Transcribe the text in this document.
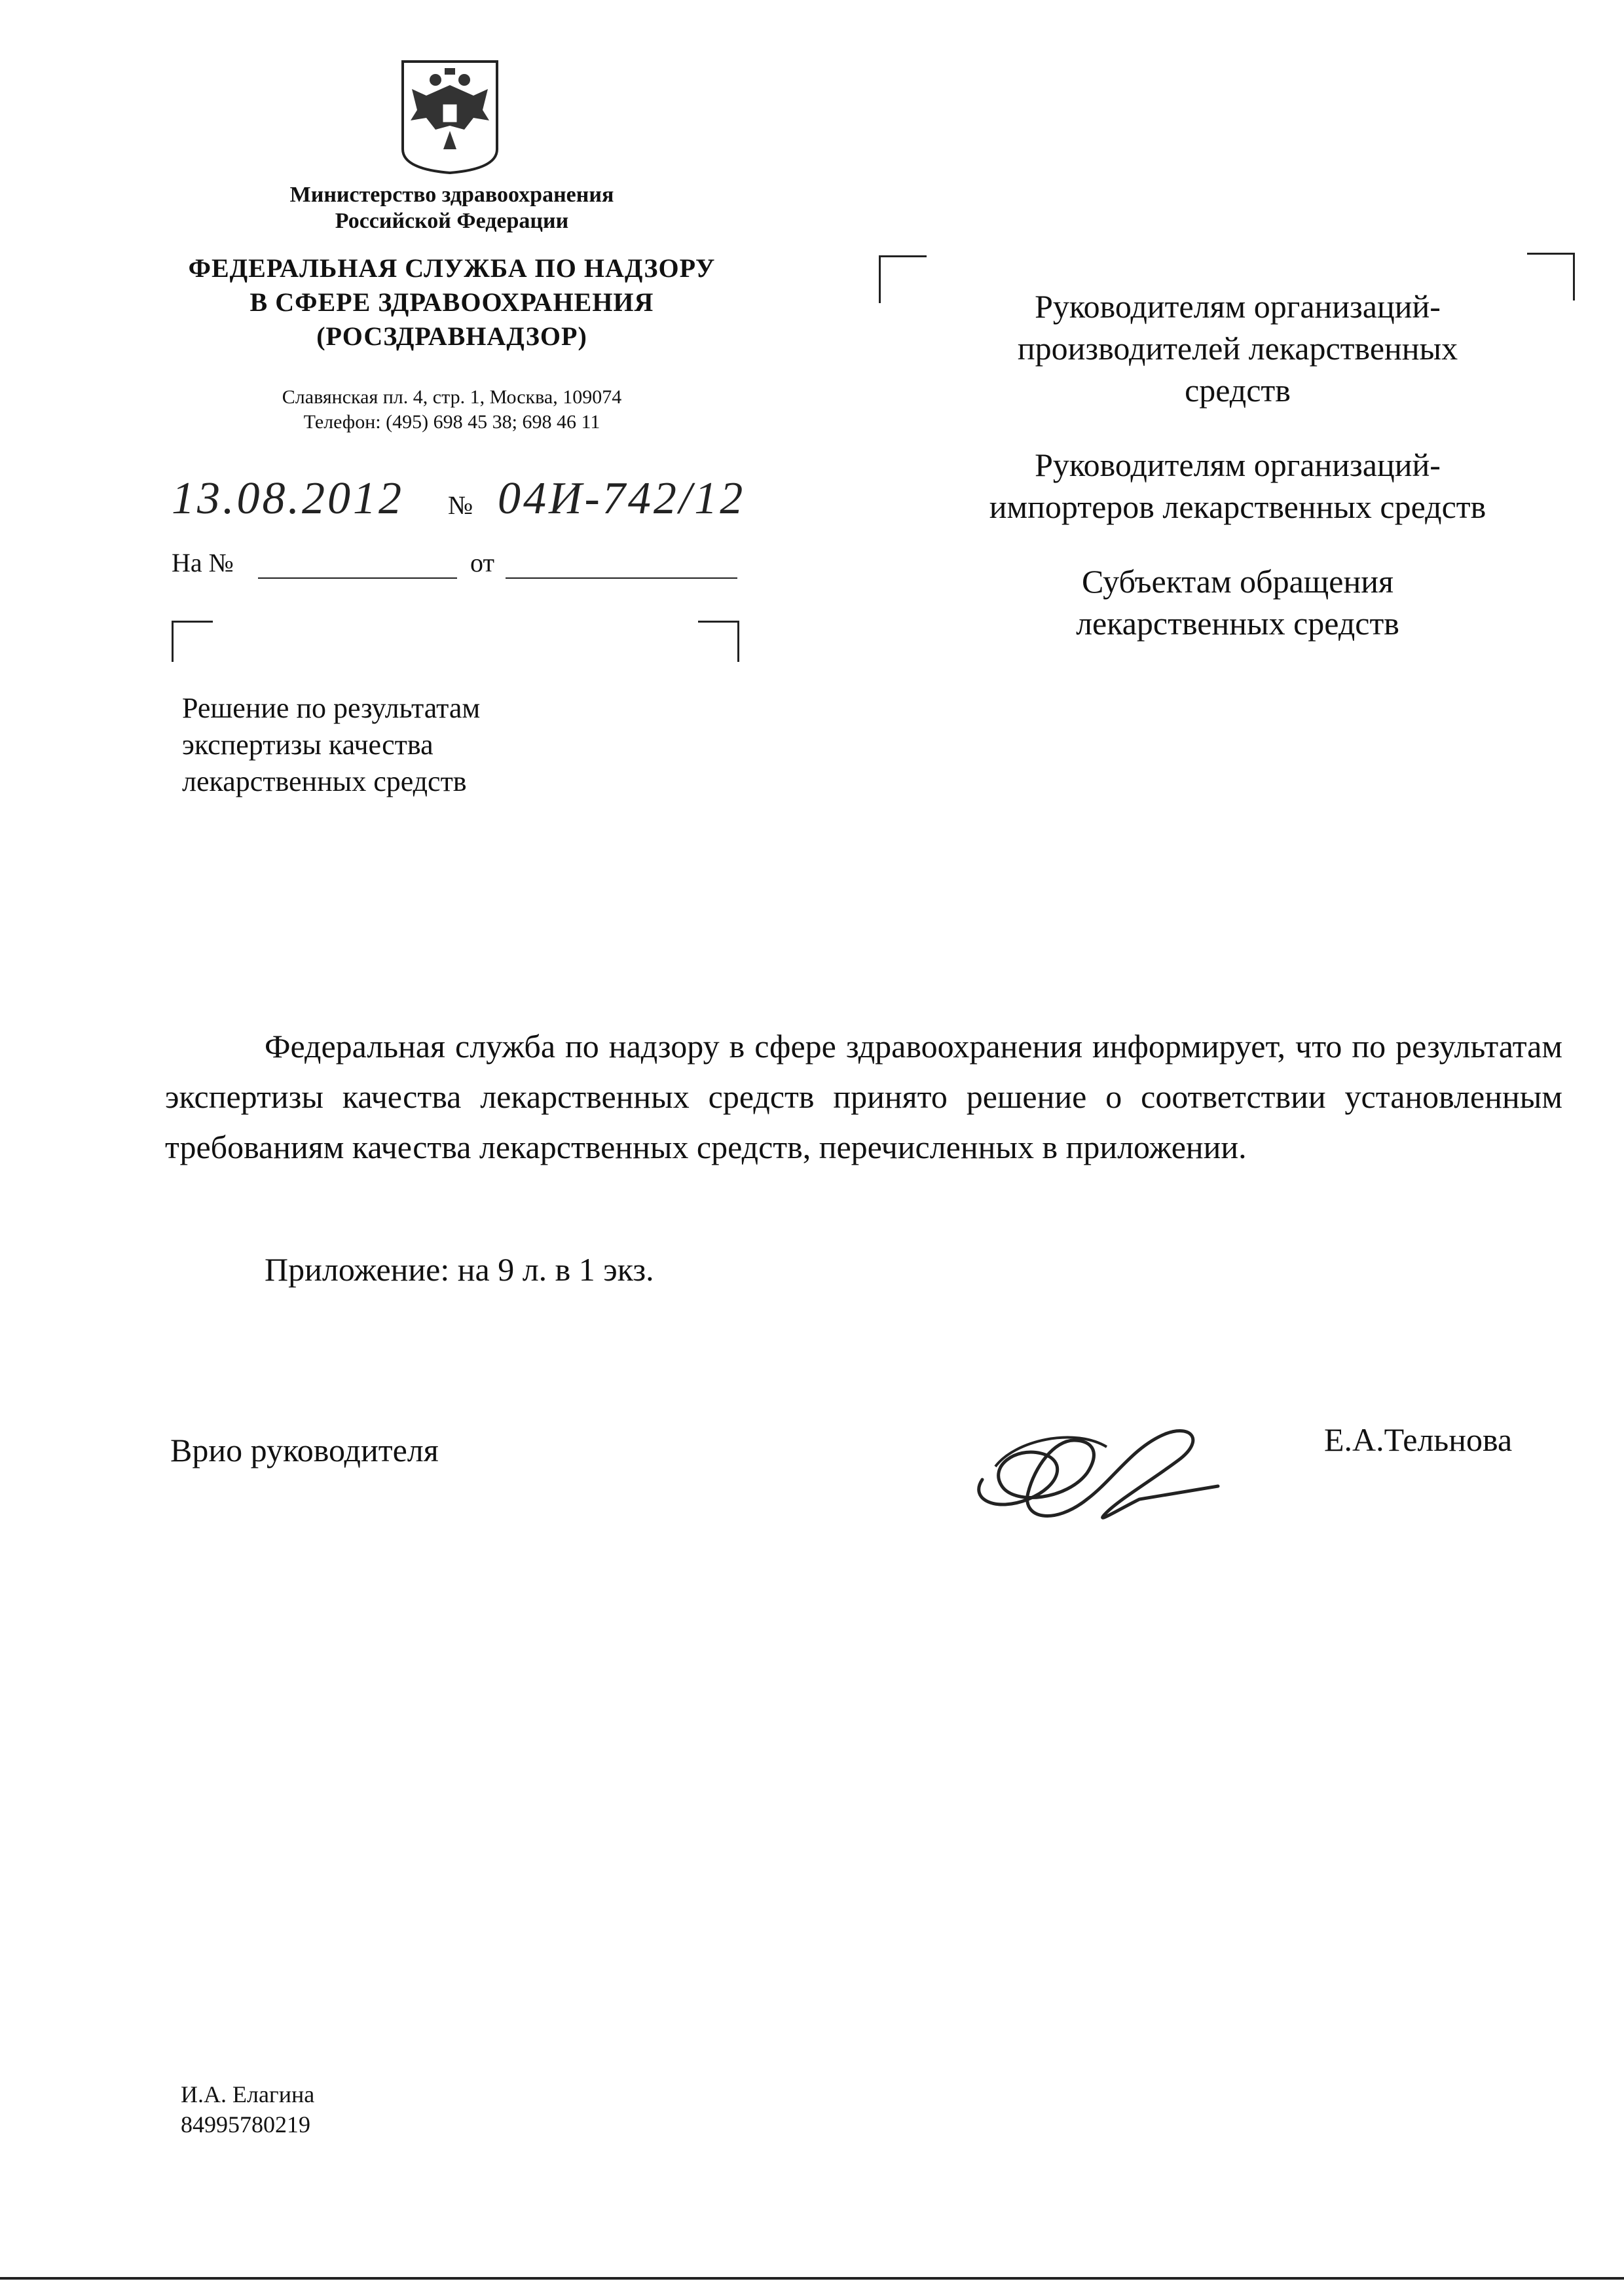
Министерство здравоохранения
Российской Федерации
ФЕДЕРАЛЬНАЯ СЛУЖБА ПО НАДЗОРУ
В СФЕРЕ ЗДРАВООХРАНЕНИЯ
(РОСЗДРАВНАДЗОР)
Славянская пл. 4, стр. 1, Москва, 109074
Телефон: (495) 698 45 38; 698 46 11
13.08.2012 № 04И-742/12
На №	от
Решение по результатам
экспертизы качества
лекарственных средств
Руководителям организаций-
производителей лекарственных
средств
Руководителям организаций-
импортеров лекарственных средств
Субъектам обращения
лекарственных средств
Федеральная служба по надзору в сфере здравоохранения информирует, что по результатам экспертизы качества лекарственных средств принято решение о соответствии установленным требованиям качества лекарственных средств, перечисленных в приложении.
Приложение: на 9 л. в 1 экз.
Врио руководителя	Е.А.Тельнова
И.А. Елагина
84995780219
